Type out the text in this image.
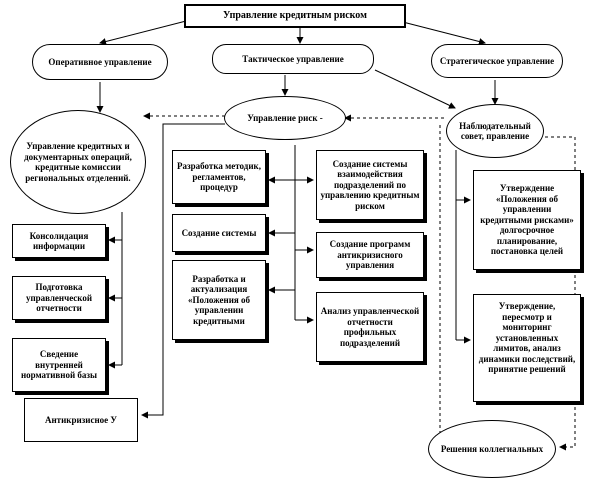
Управление кредитным риском
Оперативное управление	Тактическое управление	Стратегическое управление
Управление кредитных и документарных операций, кредитные комиссии региональных отделений.
Управление риск -
Наблюдательный совет, правление
Консолидация информации
Подготовка управленческой отчетности
Сведение внутренней нормативной базы
Антикризисное У
Разработка методик, регламентов, процедур
Создание системы
Разработка и актуализация «Положения об управлении кредитными
Создание системы взаимодействия подразделений по управлению кредитным риском
Создание программ антикризисного управления
Анализ управленческой отчетности профильных подразделений
Утверждение «Положения об управлении кредитными рисками» долгосрочное планирование, постановка целей
Утверждение, пересмотр и мониторинг установленных лимитов, анализ динамики последствий, принятие решений
Решения коллегиальных
